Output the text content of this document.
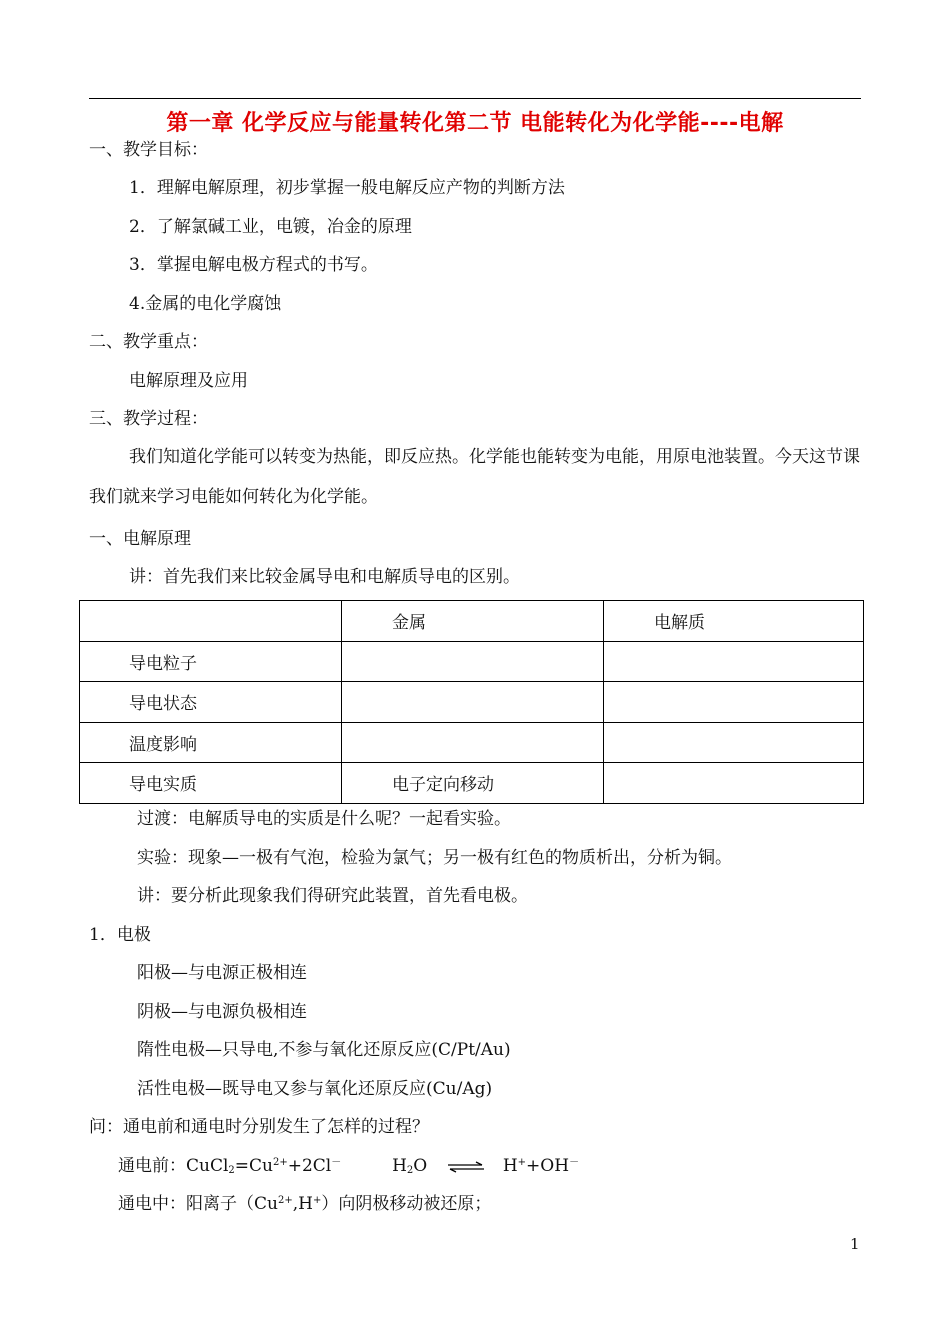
第一章 化学反应与能量转化第二节 电能转化为化学能----电解
一、教学目标：
1．理解电解原理，初步掌握一般电解反应产物的判断方法
2．了解氯碱工业，电镀，冶金的原理
3．掌握电解电极方程式的书写。
4.金属的电化学腐蚀
二、教学重点：
电解原理及应用
三、教学过程：
我们知道化学能可以转变为热能，即反应热。化学能也能转变为电能，用原电池装置。今天这节课我们就来学习电能如何转化为化学能。
一、电解原理
讲：首先我们来比较金属导电和电解质导电的区别。

	金属	电解质

导电粒子		

导电状态		

温度影响		

导电实质	电子定向移动	

过渡：电解质导电的实质是什么呢？一起看实验。
实验：现象—一极有气泡，检验为氯气；另一极有红色的物质析出，分析为铜。
讲：要分析此现象我们得研究此装置，首先看电极。
1．电极
阳极—与电源正极相连
阴极—与电源负极相连
隋性电极—只导电,不参与氧化还原反应(C/Pt/Au)
活性电极—既导电又参与氧化还原反应(Cu/Ag)
问：通电前和通电时分别发生了怎样的过程？
通电前：$CuCl_2=Cu^{2+}+2Cl^-$	$H_2O$ ⇌ H++OH－
通电中：阳离子$(Cu^{2+},H^+)$向阴极移动被还原；
1
